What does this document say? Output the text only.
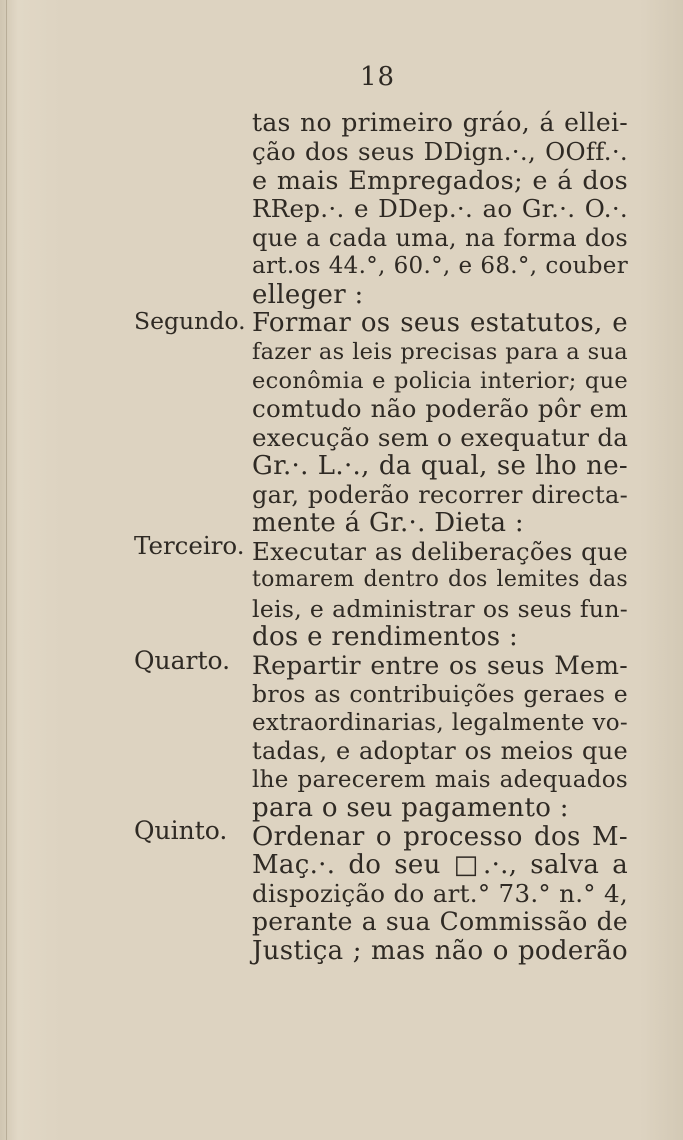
18
Segundo.
Terceiro.
Quarto.
Quinto.
tas no primeiro gráo, á ellei-
ção dos seus DDign.·., OOff.·.
e mais Empregados; e á dos
RRep.·. e DDep.·. ao Gr.·. O.·.
que a cada uma, na forma dos
art.os 44.°, 60.°, e 68.°, couber
elleger :
Formar os seus estatutos, e
fazer as leis precisas para a sua
econômia e policia interior; que
comtudo não poderão pôr em
execução sem o exequatur da
Gr.·. L.·., da qual, se lho ne-
gar, poderão recorrer directa-
mente á Gr.·. Dieta :
Executar as deliberações que
tomarem dentro dos lemites das
leis, e administrar os seus fun-
dos e rendimentos :
Repartir entre os seus Mem-
bros as contribuições geraes e
extraordinarias, legalmente vo-
tadas, e adoptar os meios que
lhe parecerem mais adequados
para o seu pagamento :
Ordenar o processo dos M-
Maç.·. do seu □.·., salva a
dispozição do art.° 73.° n.° 4,
perante a sua Commissão de
Justiça ; mas não o poderão
